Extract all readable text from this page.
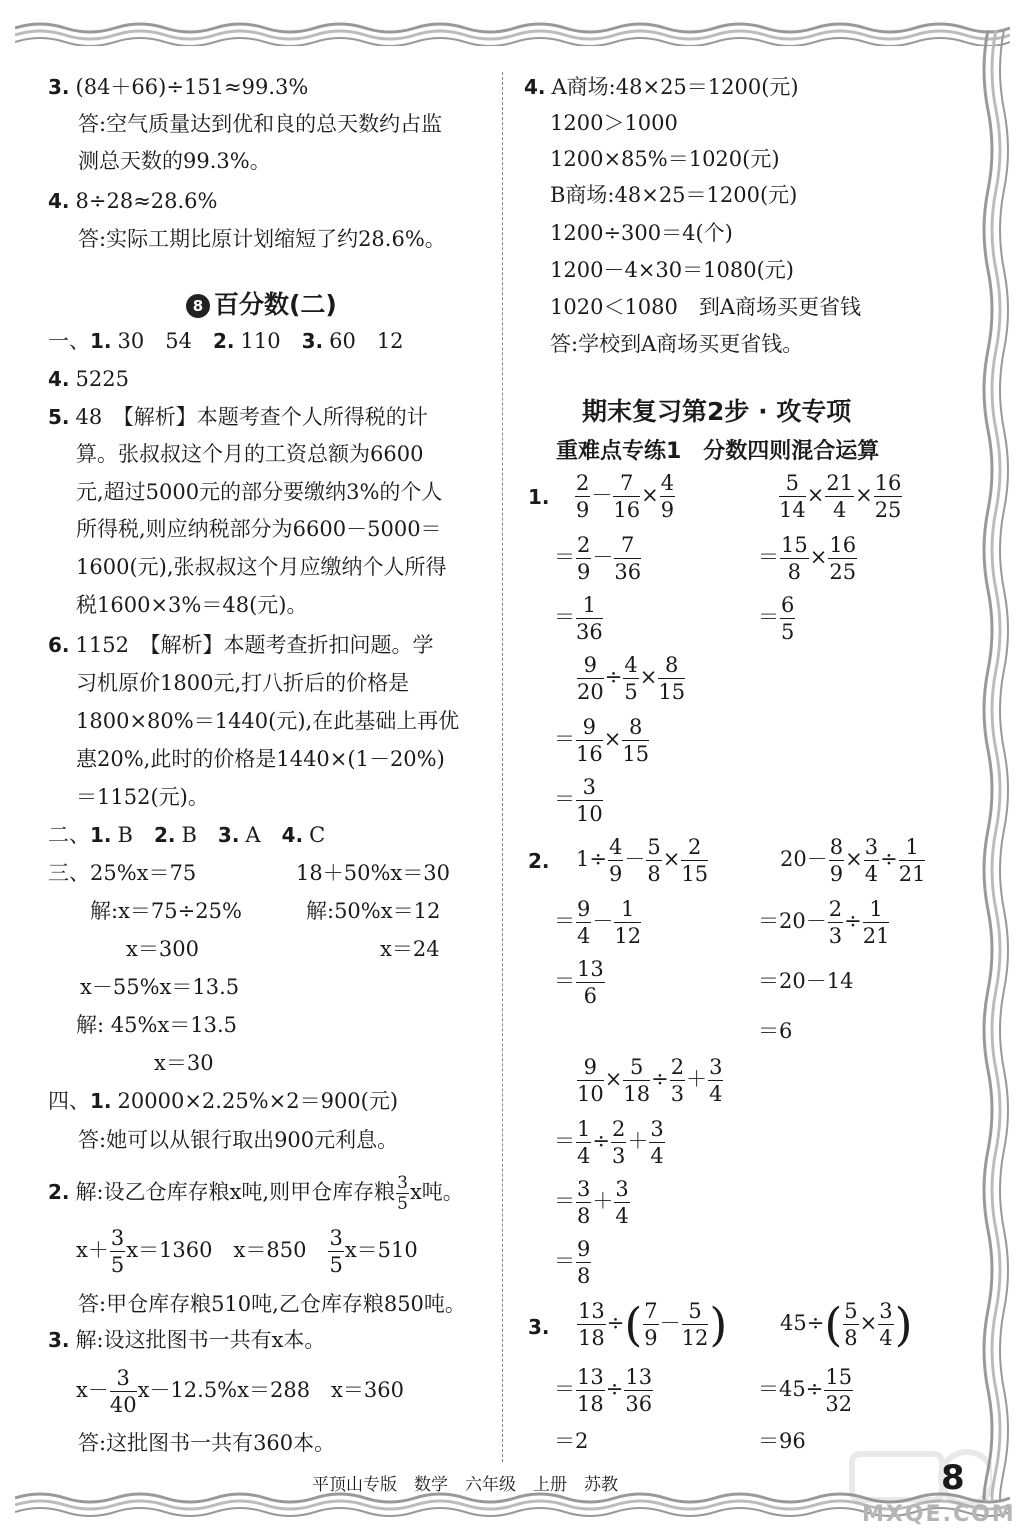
3. (84＋66)÷151≈99.3%
答:空气质量达到优和良的总天数约占监
测总天数的99.3%。
4. 8÷28≈28.6%
答:实际工期比原计划缩短了约28.6%。
8 百分数(二)
一、1. 30　54　 2. 110　 3. 60　12
4. 5225
5. 48　【解析】本题考查个人所得税的计
算。张叔叔这个月的工资总额为6600
元,超过5000元的部分要缴纳3%的个人
所得税,则应纳税部分为6600－5000＝
1600(元),张叔叔这个月应缴纳个人所得
税1600×3%＝48(元)。
6. 1152　【解析】本题考查折扣问题。学
习机原价1800元,打八折后的价格是
1800×80%＝1440(元),在此基础上再优
惠20%,此时的价格是1440×(1－20%)
＝1152(元)。
二、1. B　 2. B　 3. A　 4. C
三、25%x＝75	18＋50%x＝30
解:x＝75÷25%	解:50%x＝12
x＝300	x＝24
x－55%x＝13.5
解: 45%x＝13.5
x＝30
四、1. 20000×2.25%×2＝900(元)
答:她可以从银行取出900元利息。
2. 解:设乙仓库存粮x吨,则甲仓库存粮 $\frac{3}{5}$ x吨。
$x+ \frac{3}{5} x=1360$　x＝850　 $\frac{3}{5} x=510$
答:甲仓库存粮510吨,乙仓库存粮850吨。
3. 解:设这批图书一共有x本。
$x- \frac{3}{40} x-12.5\%x=288$　x＝360
答:这批图书一共有360本。
4. A商场:48×25＝1200(元)
1200＞1000
1200×85%＝1020(元)
B商场:48×25＝1200(元)
1200÷300＝4(个)
1200－4×30＝1080(元)
1020＜1080　到A商场买更省钱
答:学校到A商场买更省钱。
期末复习第2步 · 攻专项
重难点专练1　分数四则混合运算
1. $\frac{2}{9} - \frac{7}{16} \times \frac{4}{9}$
＝ $\frac{2}{9} - \frac{7}{36}$
＝ $\frac{1}{36}$
$\frac{5}{14} \times \frac{21}{4} \times \frac{16}{25}$
＝ $\frac{15}{8} \times \frac{16}{25}$
＝ $\frac{6}{5}$
$\frac{9}{20} \div \frac{4}{5} \times \frac{8}{15}$
＝ $\frac{9}{16} \times \frac{8}{15}$
＝ $\frac{3}{10}$
2. $1\div \frac{4}{9} - \frac{5}{8} \times \frac{2}{15}$
＝ $\frac{9}{4} - \frac{1}{12}$
＝ $\frac{13}{6}$
$20- \frac{8}{9} \times \frac{3}{4} \div \frac{1}{21}$
$=20- \frac{2}{3} \div \frac{1}{21}$
＝20－14
＝6
$\frac{9}{10} \times \frac{5}{18} \div \frac{2}{3} + \frac{3}{4}$
＝ $\frac{1}{4} \div \frac{2}{3} + \frac{3}{4}$
＝ $\frac{3}{8} + \frac{3}{4}$
＝ $\frac{9}{8}$
3. $\frac{13}{18}$ ÷( $\frac{7}{9} - \frac{5}{12}$ )
＝ $\frac{13}{18} \div \frac{13}{36}$
＝2
$45\div( \frac{5}{8} \times \frac{3}{4}$ )
$=45\div \frac{15}{32}$
＝96
平顶山专版　数学　六年级　上册　苏教
MXQE.COM
8
